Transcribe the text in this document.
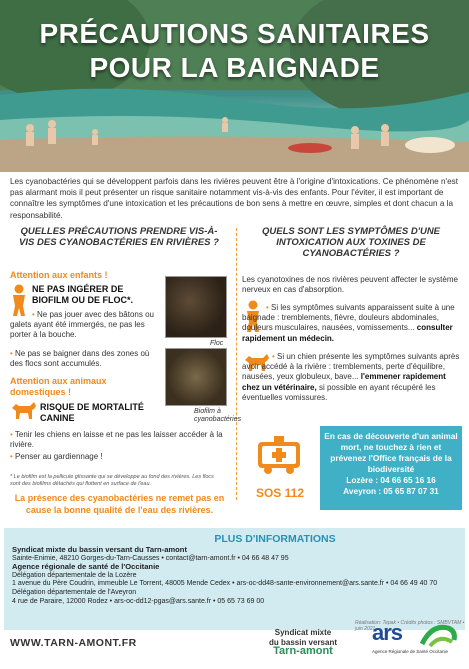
PRÉCAUTIONS SANITAIRES
POUR LA BAIGNADE
Les cyanobactéries qui se développent parfois dans les rivières peuvent être à l'origine d'intoxications. Ce phénomène n'est pas alarmant mois il peut présenter un risque sanitaire notamment vis-à-vis des enfants. Pour l'éviter, il est important de connaître les symptômes d'une intoxication et les précautions de bon sens à mettre en œuvre, simples et dont chacun a la responsabilité.
QUELLES PRÉCAUTIONS PRENDRE VIS-À-VIS DES CYANOBACTÉRIES EN RIVIÈRES ?
Attention aux enfants !
NE PAS INGÉRER DE BIOFILM OU DE FLOC*.
• Ne pas jouer avec des bâtons ou galets ayant été immergés, ne pas les porter à la bouche.
• Ne pas se baigner dans des zones où des flocs sont accumulés.
Floc
Attention aux animaux domestiques !
RISQUE DE MORTALITÉ CANINE
• Tenir les chiens en laisse et ne pas les laisser accéder à la rivière.
• Penser au gardiennage !
Biofilm à cyanobactéries
* Le biofilm est la pellicule glissante qui se développe au fond des rivières. Les flocs sont des biofilms détachés qui flottent en surface de l'eau.
La présence des cyanobactéries ne remet pas en cause la bonne qualité de l'eau des rivières.
QUELS SONT LES SYMPTÔMES D'UNE INTOXICATION AUX TOXINES DE CYANOBACTÉRIES ?
Les cyanotoxines de nos rivières peuvent affecter le système nerveux en cas d'absorption.
• Si les symptômes suivants apparaissent suite à une baignade : tremblements, fièvre, douleurs abdominales, douleurs musculaires, nausées, vomissements... consulter rapidement un médecin.
• Si un chien présente les symptômes suivants après avoir accédé à la rivière : tremblements, perte d'équilibre, nausées, yeux globuleux, bave... l'emmener rapidement chez un vétérinaire, si possible en ayant récupéré les éventuelles vomissures.
SOS 112
En cas de découverte d'un animal mort, ne touchez à rien et prévenez l'Office français de la biodiversité
Lozère : 04 66 65 16 16
Aveyron : 05 65 87 07 31
PLUS D'INFORMATIONS
Syndicat mixte du bassin versant du Tarn-amont
Sainte-Enimie, 48210 Gorges-du-Tarn-Causses • contact@tarn-amont.fr • 04 66 48 47 95
Agence régionale de santé de l'Occitanie
Délégation départementale de la Lozère
1 avenue du Père Coudrin, immeuble Le Torrent, 48005 Mende Cedex • ars-oc-dd48-sante-environnement@ars.sante.fr • 04 66 49 40 70
Délégation départementale de l'Aveyron
4 rue de Paraire, 12000 Rodez • ars-oc-dd12-pgas@ars.sante.fr • 05 65 73 69 00
Réalisation: Tepak • Crédits photos : SMBVTAM • juin 2021
WWW.TARN-AMONT.FR
Syndicat mixte
du bassin versant
Tarn-amont
ars
Agence Régionale de Santé Occitanie
